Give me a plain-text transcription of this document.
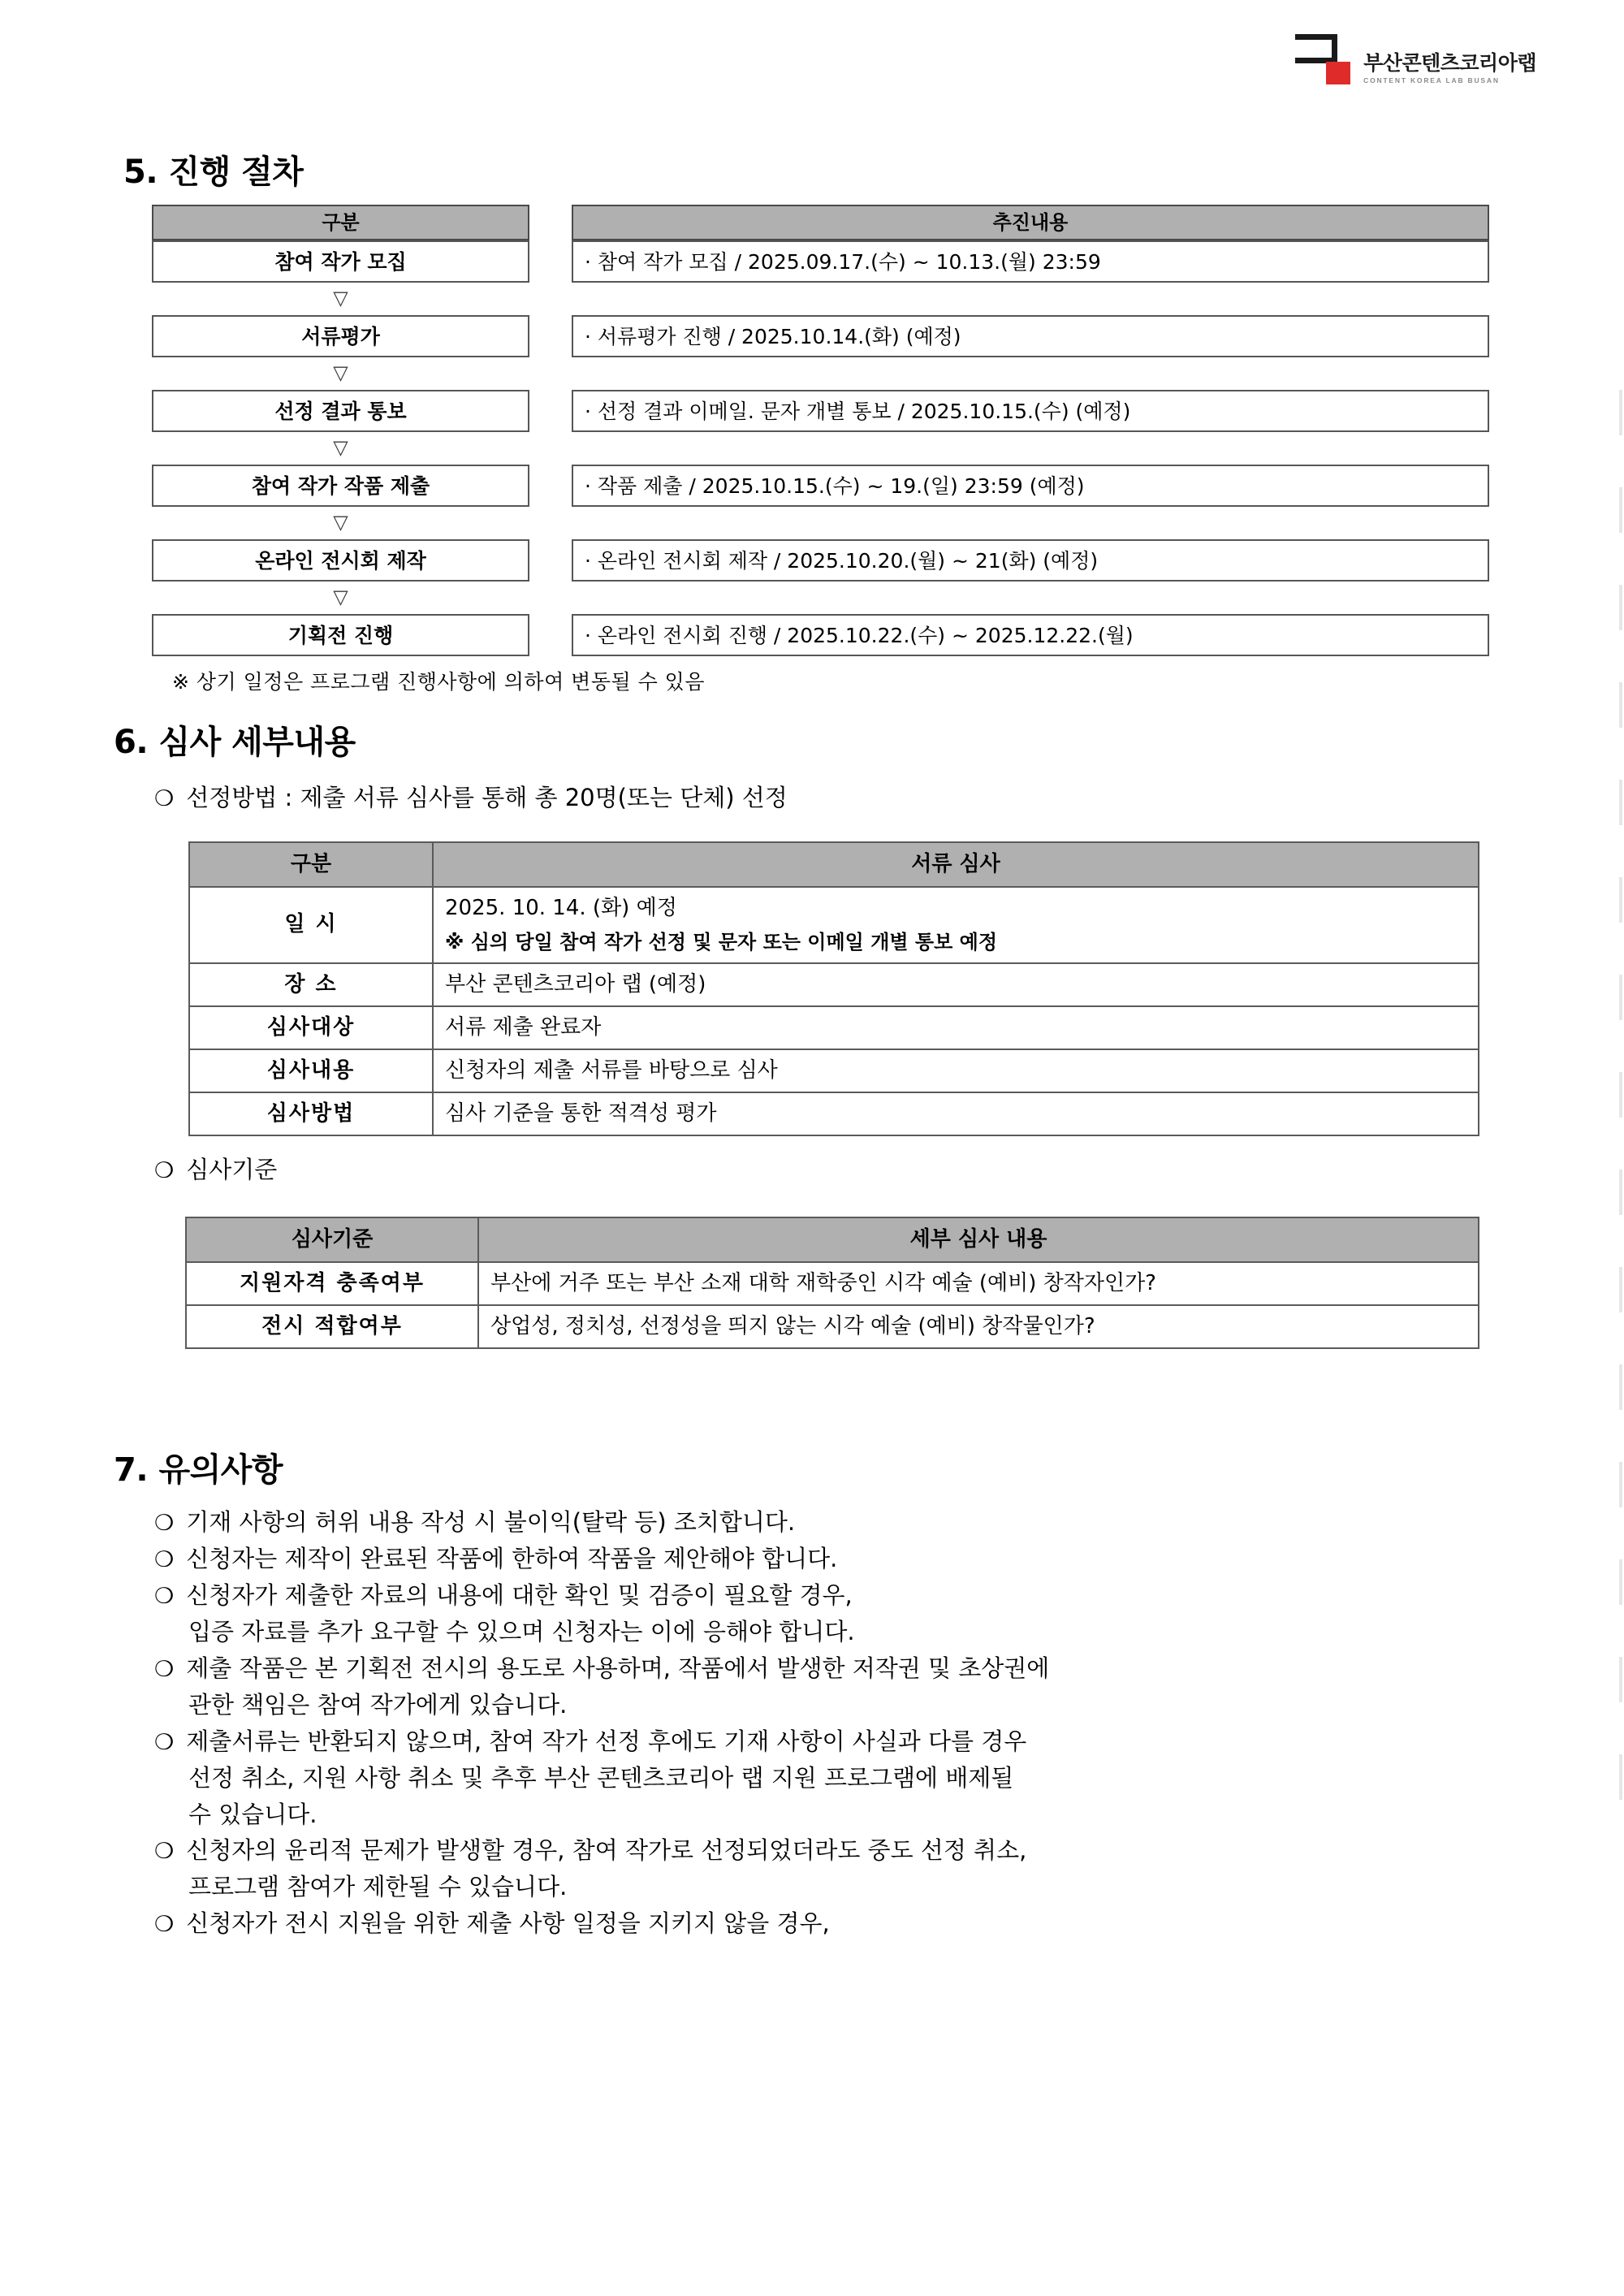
부산콘텐츠코리아랩
CONTENT KOREA LAB BUSAN
5. 진행 절차
구분	추진내용
참여 작가 모집	· 참여 작가 모집 / 2025.09.17.(수) ~ 10.13.(월) 23:59
▽
서류평가	· 서류평가 진행 / 2025.10.14.(화) (예정)
▽
선정 결과 통보	· 선정 결과 이메일. 문자 개별 통보 / 2025.10.15.(수) (예정)
▽
참여 작가 작품 제출	· 작품 제출 / 2025.10.15.(수) ~ 19.(일) 23:59 (예정)
▽
온라인 전시회 제작	· 온라인 전시회 제작 / 2025.10.20.(월) ~ 21(화) (예정)
▽
기획전 진행	· 온라인 전시회 진행 / 2025.10.22.(수) ~ 2025.12.22.(월)
※ 상기 일정은 프로그램 진행사항에 의하여 변동될 수 있음
6. 심사 세부내용
❍ 선정방법 : 제출 서류 심사를 통해 총 20명(또는 단체) 선정
구분	서류 심사
일 시	2025. 10. 14. (화) 예정
※ 심의 당일 참여 작가 선정 및 문자 또는 이메일 개별 통보 예정

장 소	부산 콘텐츠코리아 랩 (예정)
심사대상	서류 제출 완료자
심사내용	신청자의 제출 서류를 바탕으로 심사
심사방법	심사 기준을 통한 적격성 평가
❍ 심사기준
심사기준	세부 심사 내용
지원자격 충족여부	부산에 거주 또는 부산 소재 대학 재학중인 시각 예술 (예비) 창작자인가?
전시 적합여부	상업성, 정치성, 선정성을 띄지 않는 시각 예술 (예비) 창작물인가?
7. 유의사항
❍ 기재 사항의 허위 내용 작성 시 불이익(탈락 등) 조치합니다.
❍ 신청자는 제작이 완료된 작품에 한하여 작품을 제안해야 합니다.
❍ 신청자가 제출한 자료의 내용에 대한 확인 및 검증이 필요할 경우,
입증 자료를 추가 요구할 수 있으며 신청자는 이에 응해야 합니다.
❍ 제출 작품은 본 기획전 전시의 용도로 사용하며, 작품에서 발생한 저작권 및 초상권에
관한 책임은 참여 작가에게 있습니다.
❍ 제출서류는 반환되지 않으며, 참여 작가 선정 후에도 기재 사항이 사실과 다를 경우
선정 취소, 지원 사항 취소 및 추후 부산 콘텐츠코리아 랩 지원 프로그램에 배제될
수 있습니다.
❍ 신청자의 윤리적 문제가 발생할 경우, 참여 작가로 선정되었더라도 중도 선정 취소,
프로그램 참여가 제한될 수 있습니다.
❍ 신청자가 전시 지원을 위한 제출 사항 일정을 지키지 않을 경우,
